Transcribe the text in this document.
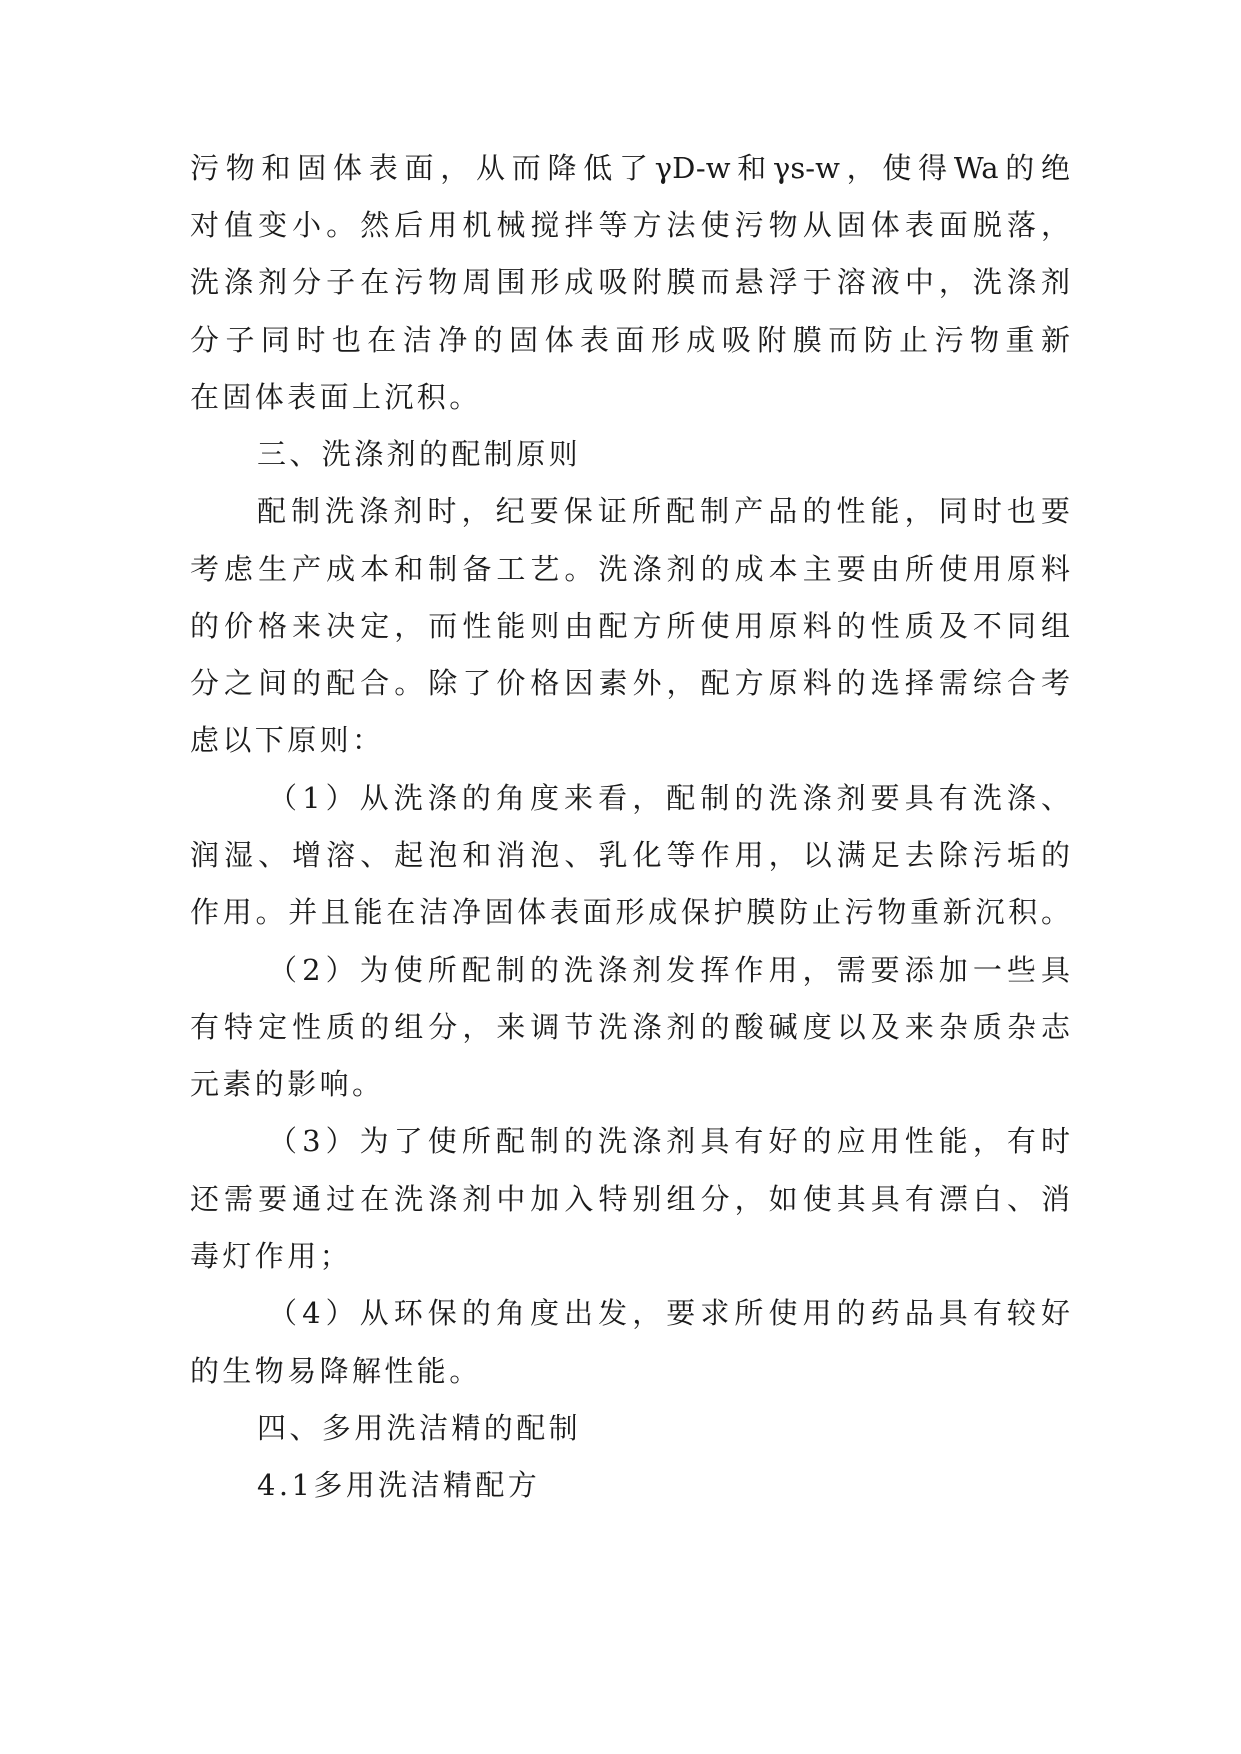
污物和固体表面，从而降低了γD-w和γs-w，使得Wa的绝
对值变小。然后用机械搅拌等方法使污物从固体表面脱落，
洗涤剂分子在污物周围形成吸附膜而悬浮于溶液中，洗涤剂
分子同时也在洁净的固体表面形成吸附膜而防止污物重新
在固体表面上沉积。
三、洗涤剂的配制原则
配制洗涤剂时，纪要保证所配制产品的性能，同时也要
考虑生产成本和制备工艺。洗涤剂的成本主要由所使用原料
的价格来决定，而性能则由配方所使用原料的性质及不同组
分之间的配合。除了价格因素外，配方原料的选择需综合考
虑以下原则：
（1）从洗涤的角度来看，配制的洗涤剂要具有洗涤、
润湿、增溶、起泡和消泡、乳化等作用，以满足去除污垢的
作用。并且能在洁净固体表面形成保护膜防止污物重新沉积。
（2）为使所配制的洗涤剂发挥作用，需要添加一些具
有特定性质的组分，来调节洗涤剂的酸碱度以及来杂质杂志
元素的影响。
（3）为了使所配制的洗涤剂具有好的应用性能，有时
还需要通过在洗涤剂中加入特别组分，如使其具有漂白、消
毒灯作用；
（4）从环保的角度出发，要求所使用的药品具有较好
的生物易降解性能。
四、多用洗洁精的配制
4.1多用洗洁精配方
